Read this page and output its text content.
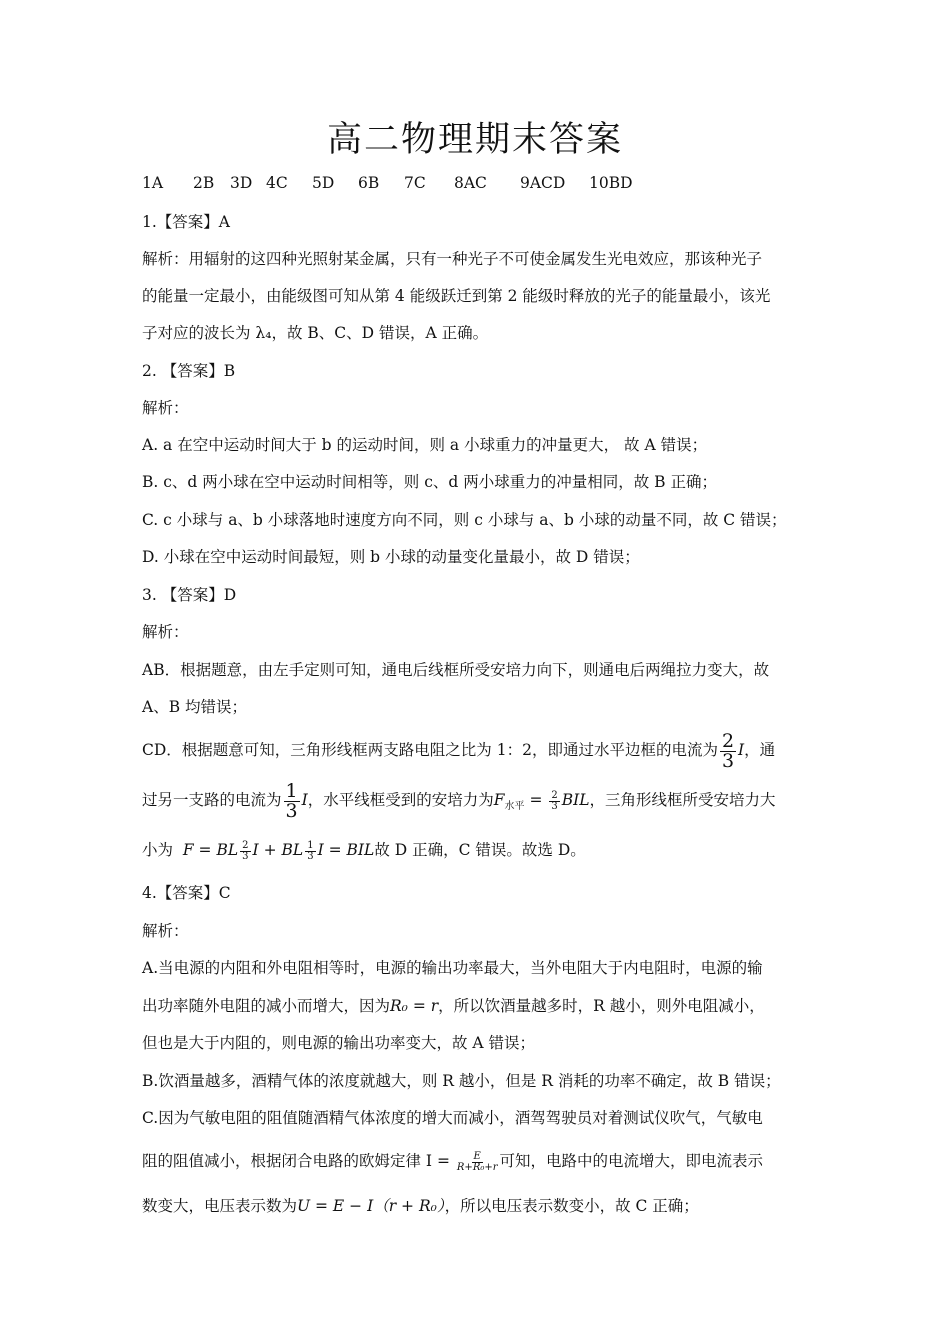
高二物理期末答案
1A 2B 3D 4C 5D 6B 7C 8AC 9ACD 10BD
1.【答案】A
解析：用辐射的这四种光照射某金属，只有一种光子不可使金属发生光电效应，那该种光子
的能量一定最小，由能级图可知从第 4 能级跃迁到第 2 能级时释放的光子的能量最小，该光
子对应的波长为 λ₄，故 B、C、D 错误，A 正确。
2. 【答案】B
解析：
A. a 在空中运动时间大于 b 的运动时间，则 a 小球重力的冲量更大， 故 A 错误；
B. c、d 两小球在空中运动时间相等，则 c、d 两小球重力的冲量相同，故 B 正确；
C. c 小球与 a、b 小球落地时速度方向不同，则 c 小球与 a、b 小球的动量不同，故 C 错误；
D. 小球在空中运动时间最短，则 b 小球的动量变化量最小，故 D 错误；
3. 【答案】D
解析：
AB．根据题意，由左手定则可知，通电后线框所受安培力向下，则通电后两绳拉力变大，故
A、B 均错误；
CD．根据题意可知，三角形线框两支路电阻之比为 1：2，即通过水平边框的电流为 $\frac{2}{3}$ I，通
过另一支路的电流为 $\frac{1}{3}$ I，水平线框受到的安培力为$F_{水平} = \frac{2}{3}$ BIL，三角形线框所受安培力大
小为 F = BL $\frac{2}{3}$ I + BL $\frac{1}{3}$ I = BIL故 D 正确，C 错误。故选 D。
4.【答案】C
解析：
A.当电源的内阻和外电阻相等时，电源的输出功率最大，当外电阻大于内电阻时，电源的输
出功率随外电阻的减小而增大，因为R₀ = r，所以饮酒量越多时，R 越小，则外电阻减小，
但也是大于内阻的，则电源的输出功率变大，故 A 错误；
B.饮酒量越多，酒精气体的浓度就越大，则 R 越小，但是 R 消耗的功率不确定，故 B 错误；
C.因为气敏电阻的阻值随酒精气体浓度的增大而减小，酒驾驾驶员对着测试仪吹气，气敏电
阻的阻值减小，根据闭合电路的欧姆定律 $I = \frac{E}{\text{R+R₀+r}}$ 可知，电路中的电流增大，即电流表示
数变大，电压表示数为U = E − I（r + R₀），所以电压表示数变小，故 C 正确；
